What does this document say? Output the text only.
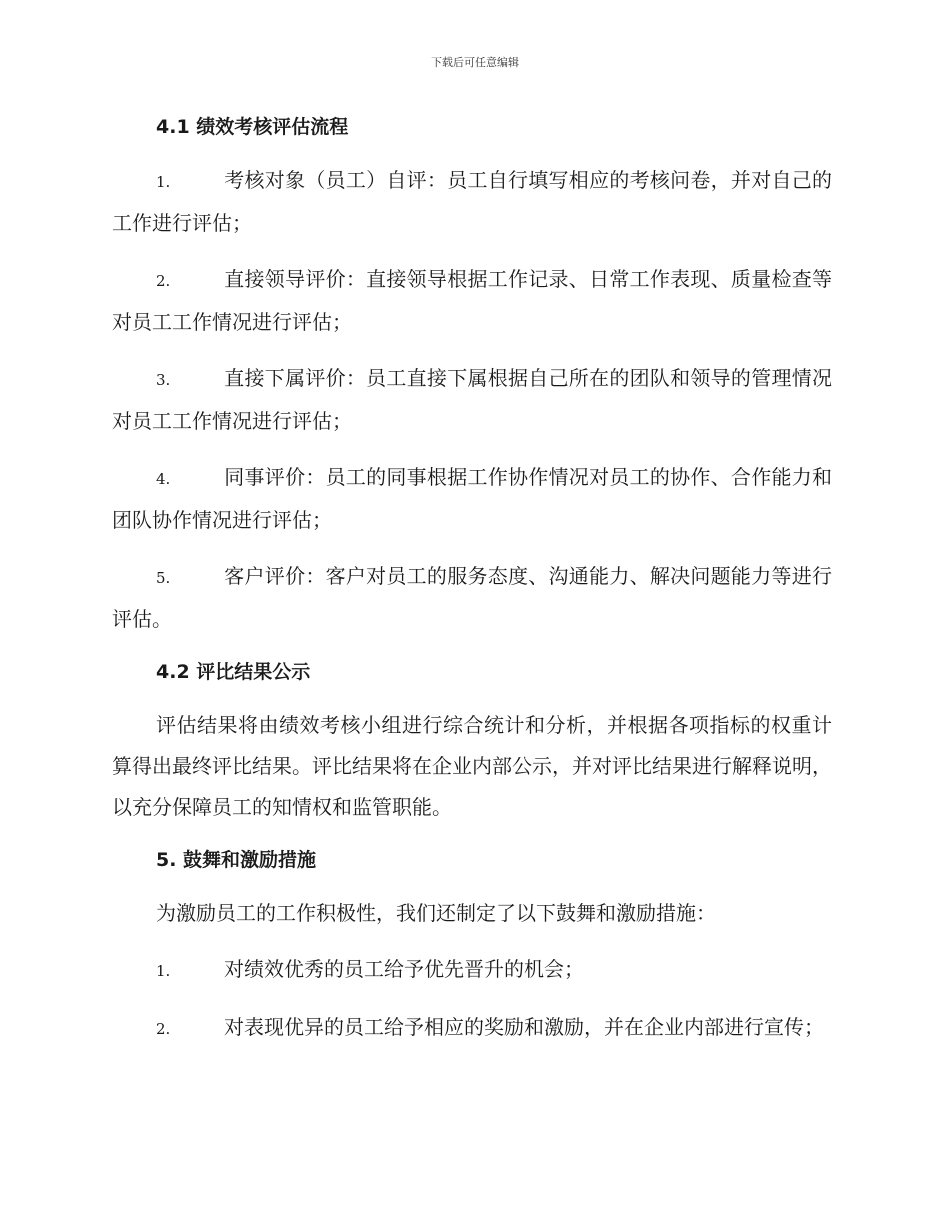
下载后可任意编辑
4.1 绩效考核评估流程
1.	考核对象（员工）自评：员工自行填写相应的考核问卷，并对自己的工作进行评估；
2.	直接领导评价：直接领导根据工作记录、日常工作表现、质量检查等对员工工作情况进行评估；
3.	直接下属评价：员工直接下属根据自己所在的团队和领导的管理情况对员工工作情况进行评估；
4.	同事评价：员工的同事根据工作协作情况对员工的协作、合作能力和团队协作情况进行评估；
5.	客户评价：客户对员工的服务态度、沟通能力、解决问题能力等进行评估。
4.2 评比结果公示
评估结果将由绩效考核小组进行综合统计和分析，并根据各项指标的权重计算得出最终评比结果。评比结果将在企业内部公示，并对评比结果进行解释说明，以充分保障员工的知情权和监管职能。
5. 鼓舞和激励措施
为激励员工的工作积极性，我们还制定了以下鼓舞和激励措施：
1.	对绩效优秀的员工给予优先晋升的机会；
2.	对表现优异的员工给予相应的奖励和激励，并在企业内部进行宣传；
